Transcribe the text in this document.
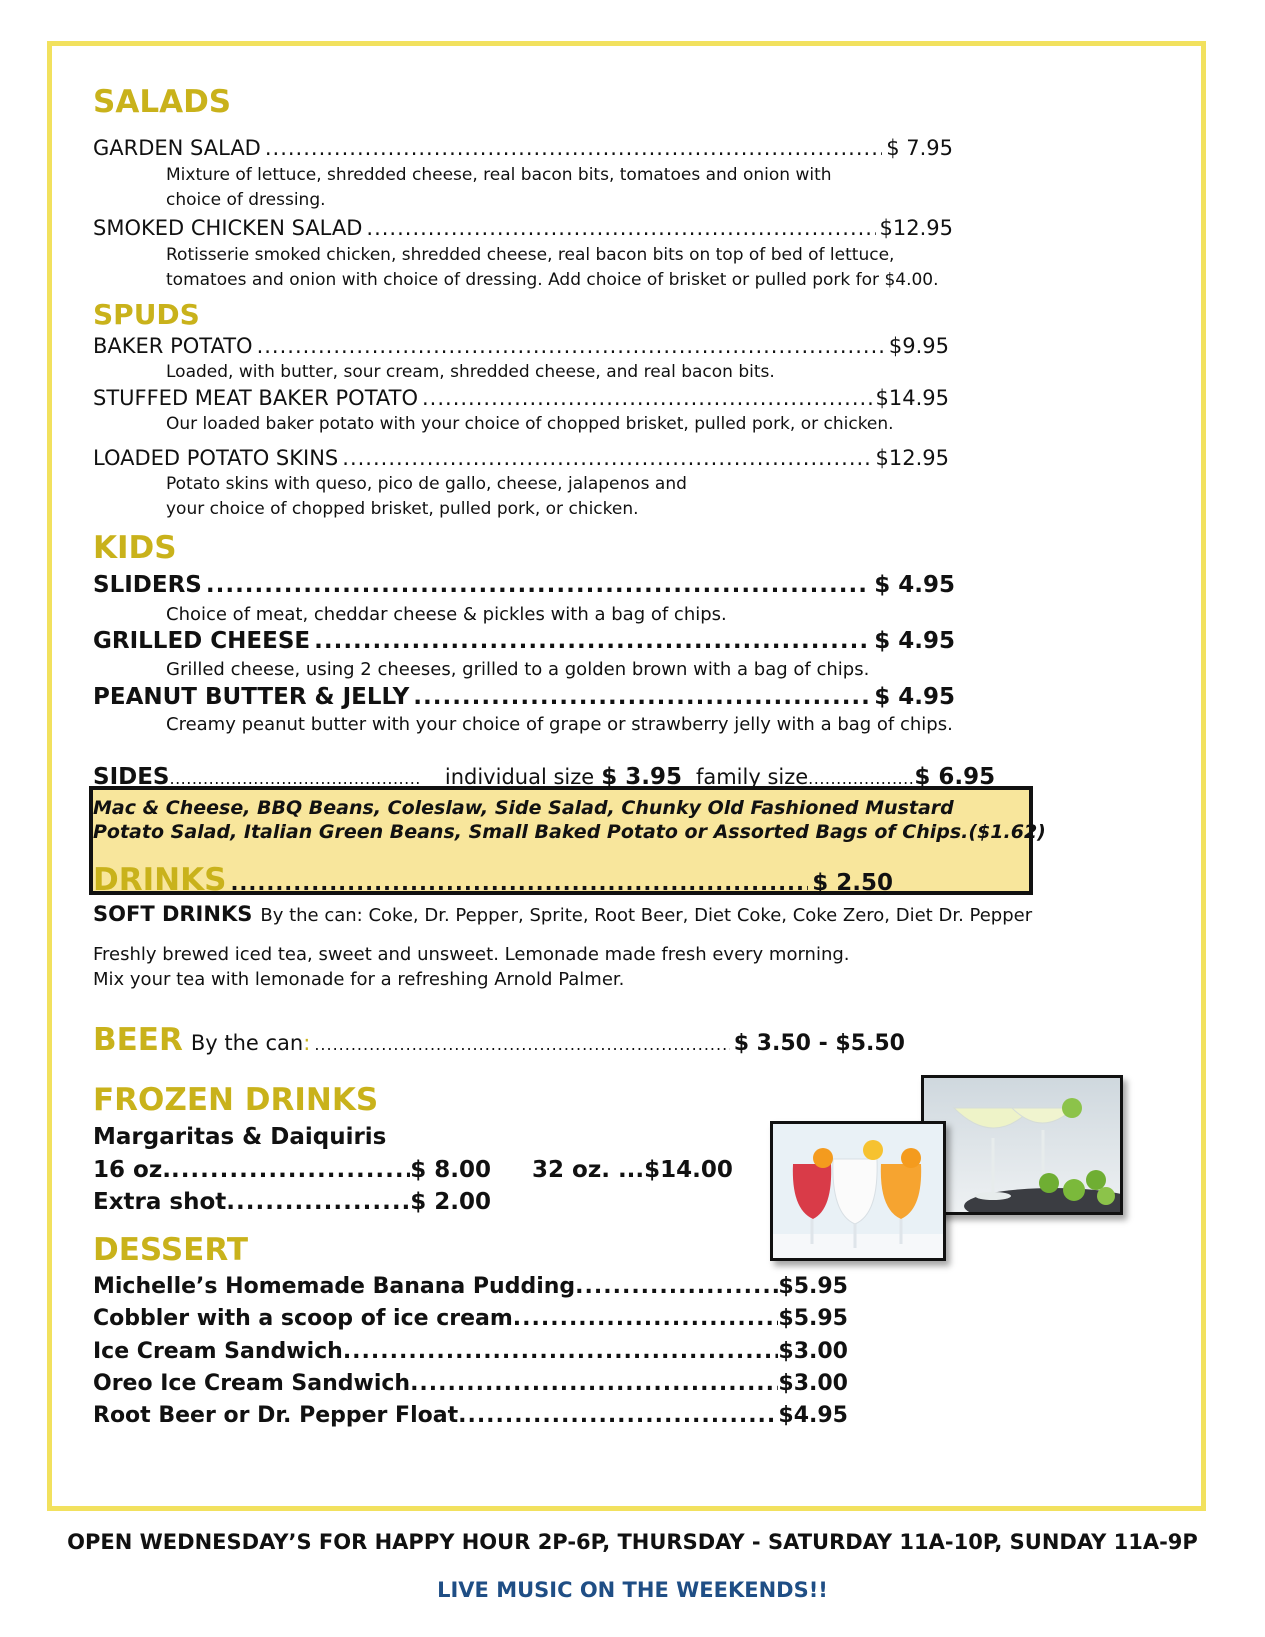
SALADS
GARDEN SALAD .....	$ 7.95
Mixture of lettuce, shredded cheese, real bacon bits, tomatoes and onion with choice of dressing.
SMOKED CHICKEN SALAD .....	$12.95
Rotisserie smoked chicken, shredded cheese, real bacon bits on top of bed of lettuce, tomatoes and onion with choice of dressing. Add choice of brisket or pulled pork for $4.00.
SPUDS
BAKER POTATO .....	$9.95
Loaded, with butter, sour cream, shredded cheese, and real bacon bits.
STUFFED MEAT BAKER POTATO .....	$14.95
Our loaded baker potato with your choice of chopped brisket, pulled pork, or chicken.
LOADED POTATO SKINS .....	$12.95
Potato skins with queso, pico de gallo, cheese, jalapenos and your choice of chopped brisket, pulled pork, or chicken.
KIDS
SLIDERS .....	$ 4.95
Choice of meat, cheddar cheese & pickles with a bag of chips.
GRILLED CHEESE .....	$ 4.95
Grilled cheese, using 2 cheeses, grilled to a golden brown with a bag of chips.
PEANUT BUTTER & JELLY .....	$ 4.95
Creamy peanut butter with your choice of grape or strawberry jelly with a bag of chips.
SIDES ............................................. individual size $ 3.95 family size ................... $ 6.95
Mac & Cheese, BBQ Beans, Coleslaw, Side Salad, Chunky Old Fashioned Mustard
Potato Salad, Italian Green Beans, Small Baked Potato or Assorted Bags of Chips.($1.62)
DRINKS .....	$ 2.50
SOFT DRINKS By the can: Coke, Dr. Pepper, Sprite, Root Beer, Diet Coke, Coke Zero, Diet Dr. Pepper
Freshly brewed iced tea, sweet and unsweet. Lemonade made fresh every morning.
Mix your tea with lemonade for a refreshing Arnold Palmer.
BEER By the can : .....	$ 3.50 - $5.50
FROZEN DRINKS
Margaritas & Daiquiris
16 oz. .....	$ 8.00 32 oz. ... $14.00
Extra shot .....	$ 2.00
DESSERT
Michelle’s Homemade Banana Pudding .....	$5.95
Cobbler with a scoop of ice cream .....	$5.95
Ice Cream Sandwich .....	$3.00
Oreo Ice Cream Sandwich .....	$3.00
Root Beer or Dr. Pepper Float .....	$4.95
OPEN WEDNESDAY’S FOR HAPPY HOUR 2P-6P, THURSDAY - SATURDAY 11A-10P, SUNDAY 11A-9P
LIVE MUSIC ON THE WEEKENDS!!
